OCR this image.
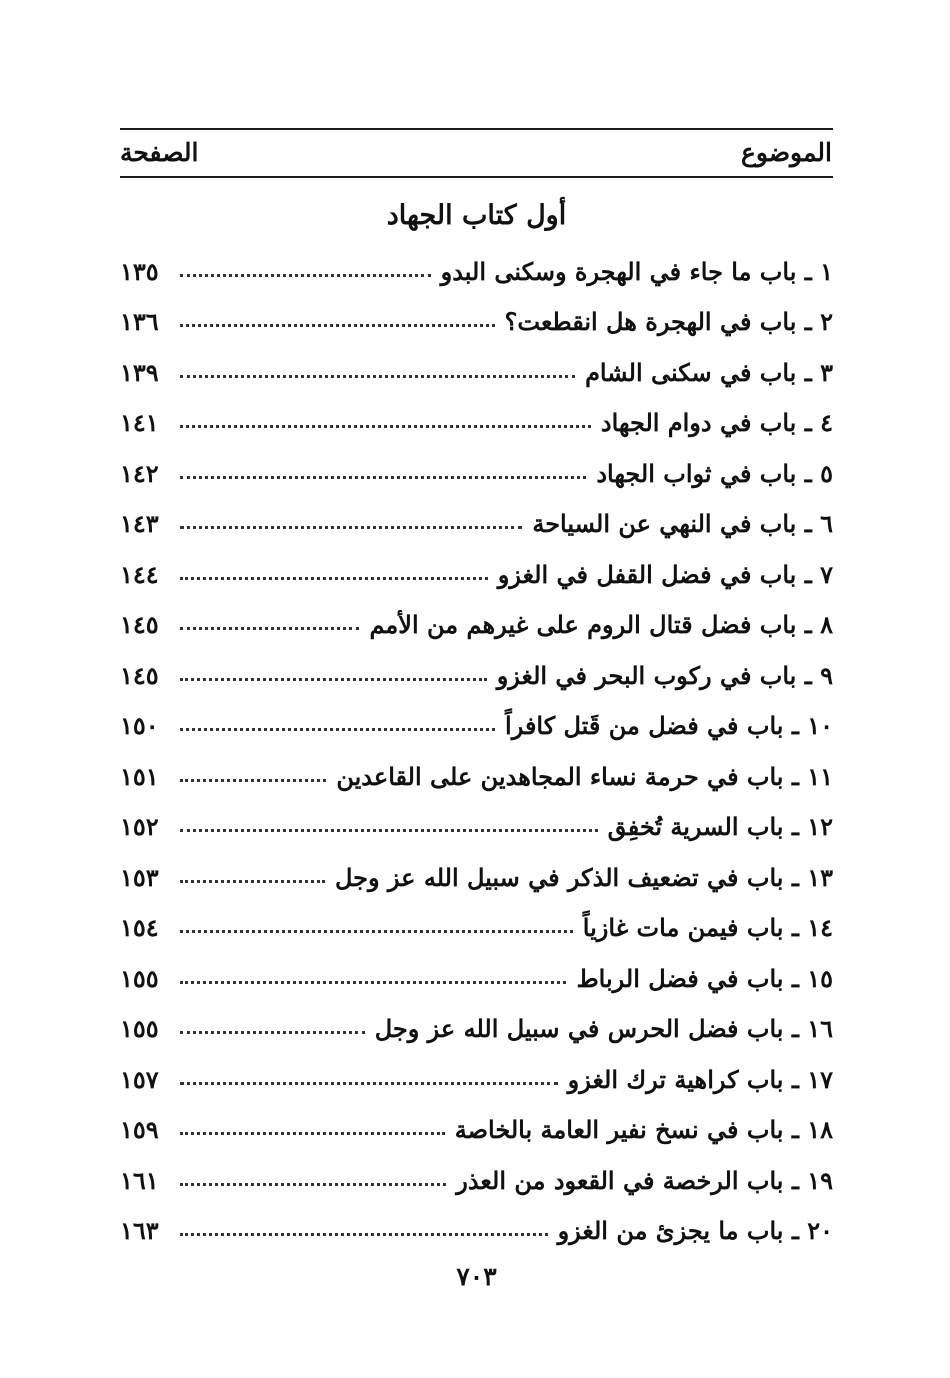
الموضوع
الصفحة
أول كتاب الجهاد
١ ـ باب ما جاء في الهجرة وسكنى البدو
١٣٥
٢ ـ باب في الهجرة هل انقطعت؟
١٣٦
٣ ـ باب في سكنى الشام
١٣٩
٤ ـ باب في دوام الجهاد
١٤١
٥ ـ باب في ثواب الجهاد
١٤٢
٦ ـ باب في النهي عن السياحة
١٤٣
٧ ـ باب في فضل القفل في الغزو
١٤٤
٨ ـ باب فضل قتال الروم على غيرهم من الأمم
١٤٥
٩ ـ باب في ركوب البحر في الغزو
١٤٥
١٠ ـ باب في فضل من قَتل كافراً
١٥٠
١١ ـ باب في حرمة نساء المجاهدين على القاعدين
١٥١
١٢ ـ باب السرية تُخفِق
١٥٢
١٣ ـ باب في تضعيف الذكر في سبيل الله عز وجل
١٥٣
١٤ ـ باب فيمن مات غازياً
١٥٤
١٥ ـ باب في فضل الرباط
١٥٥
١٦ ـ باب فضل الحرس في سبيل الله عز وجل
١٥٥
١٧ ـ باب كراهية ترك الغزو
١٥٧
١٨ ـ باب في نسخ نفير العامة بالخاصة
١٥٩
١٩ ـ باب الرخصة في القعود من العذر
١٦١
٢٠ ـ باب ما يجزئ من الغزو
١٦٣
٧٠٣
